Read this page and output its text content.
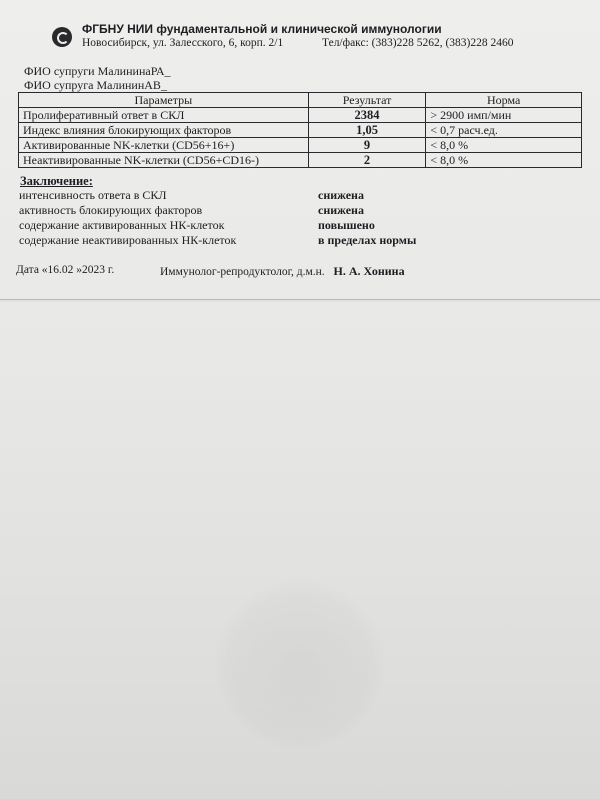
ФГБНУ НИИ фундаментальной и клинической иммунологии
Новосибирск, ул. Залесского, 6, корп. 2/1	Тел/факс: (383)228 5262, (383)228 2460
ФИО супруги МалининаРА_
ФИО супруга МалининАВ_
Параметры	Результат	Норма
Пролиферативный ответ в СКЛ	2384	> 2900 имп/мин
Индекс влияния блокирующих факторов	1,05	< 0,7 расч.ед.
Активированные NK-клетки (CD56+16+)	9	< 8,0 %
Неактивированные NK-клетки (CD56+CD16-)	2	< 8,0 %
Заключение:
интенсивность ответа в СКЛ	снижена
активность блокирующих факторов	снижена
содержание активированных НК-клеток	повышено
содержание неактивированных НК-клеток	в пределах нормы
Дата «16.02 »2023 г.	Иммунолог-репродуктолог, д.м.н. Н. А. Хонина
